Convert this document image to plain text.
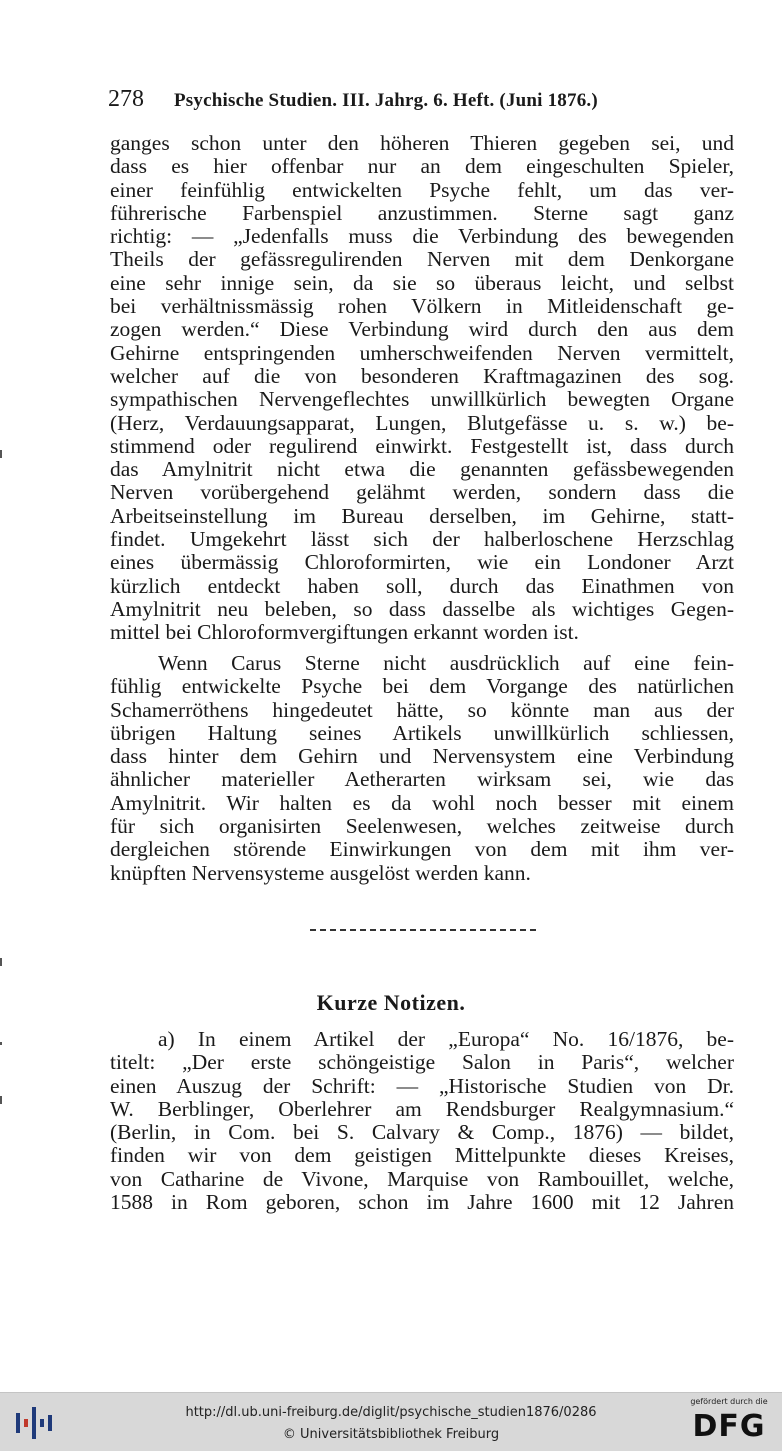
278 Psychische Studien. III. Jahrg. 6. Heft. (Juni 1876.)
ganges schon unter den höheren Thieren gegeben sei, und
dass es hier offenbar nur an dem eingeschulten Spieler,
einer feinfühlig entwickelten Psyche fehlt, um das ver-
führerische Farbenspiel anzustimmen. Sterne sagt ganz
richtig: — „Jedenfalls muss die Verbindung des bewegenden
Theils der gefässregulirenden Nerven mit dem Denkorgane
eine sehr innige sein, da sie so überaus leicht, und selbst
bei verhältnissmässig rohen Völkern in Mitleidenschaft ge-
zogen werden.“ Diese Verbindung wird durch den aus dem
Gehirne entspringenden umherschweifenden Nerven vermittelt,
welcher auf die von besonderen Kraftmagazinen des sog.
sympathischen Nervengeflechtes unwillkürlich bewegten Organe
(Herz, Verdauungsapparat, Lungen, Blutgefässe u. s. w.) be-
stimmend oder regulirend einwirkt. Festgestellt ist, dass durch
das Amylnitrit nicht etwa die genannten gefässbewegenden
Nerven vorübergehend gelähmt werden, sondern dass die
Arbeitseinstellung im Bureau derselben, im Gehirne, statt-
findet. Umgekehrt lässt sich der halberloschene Herzschlag
eines übermässig Chloroformirten, wie ein Londoner Arzt
kürzlich entdeckt haben soll, durch das Einathmen von
Amylnitrit neu beleben, so dass dasselbe als wichtiges Gegen-
mittel bei Chloroformvergiftungen erkannt worden ist.
Wenn Carus Sterne nicht ausdrücklich auf eine fein-
fühlig entwickelte Psyche bei dem Vorgange des natürlichen
Schamerröthens hingedeutet hätte, so könnte man aus der
übrigen Haltung seines Artikels unwillkürlich schliessen,
dass hinter dem Gehirn und Nervensystem eine Verbindung
ähnlicher materieller Aetherarten wirksam sei, wie das
Amylnitrit. Wir halten es da wohl noch besser mit einem
für sich organisirten Seelenwesen, welches zeitweise durch
dergleichen störende Einwirkungen von dem mit ihm ver-
knüpften Nervensysteme ausgelöst werden kann.
Kurze Notizen.
a) In einem Artikel der „Europa“ No. 16/1876, be-
titelt: „Der erste schöngeistige Salon in Paris“, welcher
einen Auszug der Schrift: — „Historische Studien von Dr.
W. Berblinger, Oberlehrer am Rendsburger Realgymnasium.“
(Berlin, in Com. bei S. Calvary & Comp., 1876) — bildet,
finden wir von dem geistigen Mittelpunkte dieses Kreises,
von Catharine de Vivone, Marquise von Rambouillet, welche,
1588 in Rom geboren, schon im Jahre 1600 mit 12 Jahren
http://dl.ub.uni-freiburg.de/diglit/psychische_studien1876/0286
© Universitätsbibliothek Freiburg
gefördert durch die
DFG
